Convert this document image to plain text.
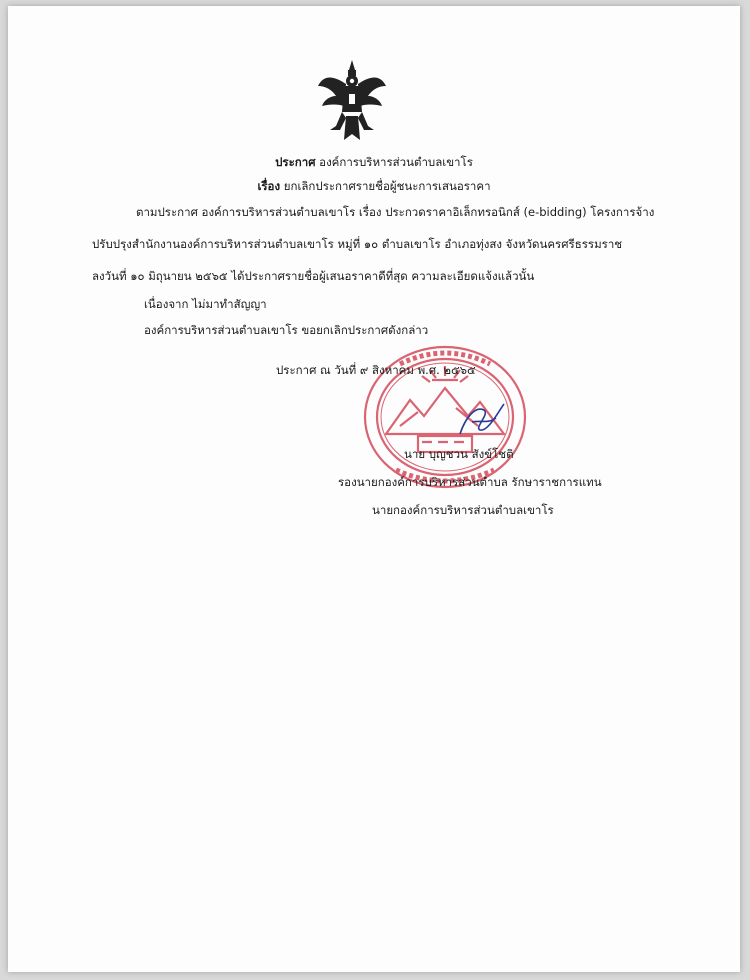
ประกาศ องค์การบริหารส่วนตำบลเขาโร
เรื่อง ยกเลิกประกาศรายชื่อผู้ชนะการเสนอราคา
ตามประกาศ องค์การบริหารส่วนตำบลเขาโร เรื่อง ประกวดราคาอิเล็กทรอนิกส์ (e-bidding) โครงการจ้าง
ปรับปรุงสำนักงานองค์การบริหารส่วนตำบลเขาโร หมู่ที่ ๑๐ ตำบลเขาโร อำเภอทุ่งสง จังหวัดนครศรีธรรมราช
ลงวันที่ ๑๐ มิถุนายน ๒๕๖๕ ได้ประกาศรายชื่อผู้เสนอราคาดีที่สุด ความละเอียดแจ้งแล้วนั้น
เนื่องจาก ไม่มาทำสัญญา
องค์การบริหารส่วนตำบลเขาโร ขอยกเลิกประกาศดังกล่าว
ประกาศ ณ วันที่ ๙ สิงหาคม พ.ศ. ๒๕๖๕
นาย บุญชวน สังข์โชติ
รองนายกองค์การบริหารส่วนตำบล รักษาราชการแทน
นายกองค์การบริหารส่วนตำบลเขาโร
